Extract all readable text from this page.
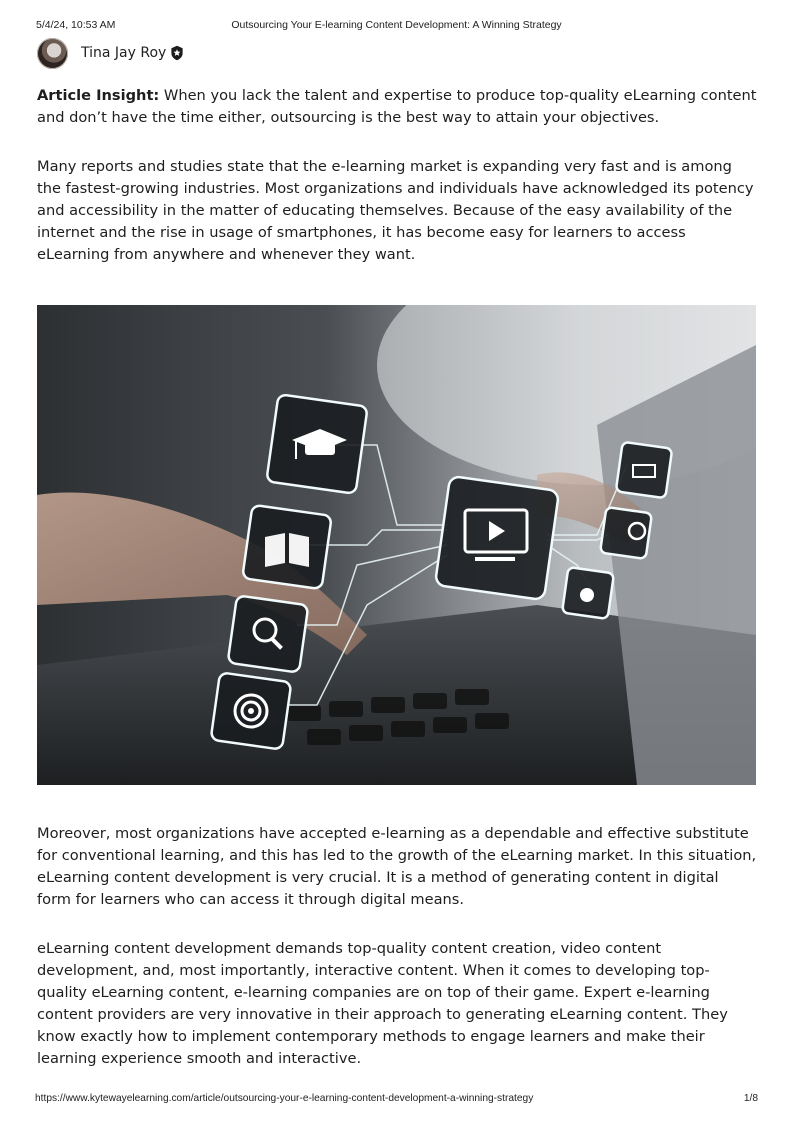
5/4/24, 10:53 AM	Outsourcing Your E-learning Content Development: A Winning Strategy
Tina Jay Roy

Article Insight: When you lack the talent and expertise to produce top-quality eLearning content and don’t have the time either, outsourcing is the best way to attain your objectives.

Many reports and studies state that the e-learning market is expanding very fast and is among the fastest-growing industries. Most organizations and individuals have acknowledged its potency and accessibility in the matter of educating themselves. Because of the easy availability of the internet and the rise in usage of smartphones, it has become easy for learners to access eLearning from anywhere and whenever they want.

Moreover, most organizations have accepted e-learning as a dependable and effective substitute for conventional learning, and this has led to the growth of the eLearning market. In this situation, eLearning content development is very crucial. It is a method of generating content in digital form for learners who can access it through digital means.

eLearning content development demands top-quality content creation, video content development, and, most importantly, interactive content. When it comes to developing top-quality eLearning content, e-learning companies are on top of their game. Expert e-learning content providers are very innovative in their approach to generating eLearning content. They know exactly how to implement contemporary methods to engage learners and make their learning experience smooth and interactive.

https://www.kytewayelearning.com/article/outsourcing-your-e-learning-content-development-a-winning-strategy	1/8
